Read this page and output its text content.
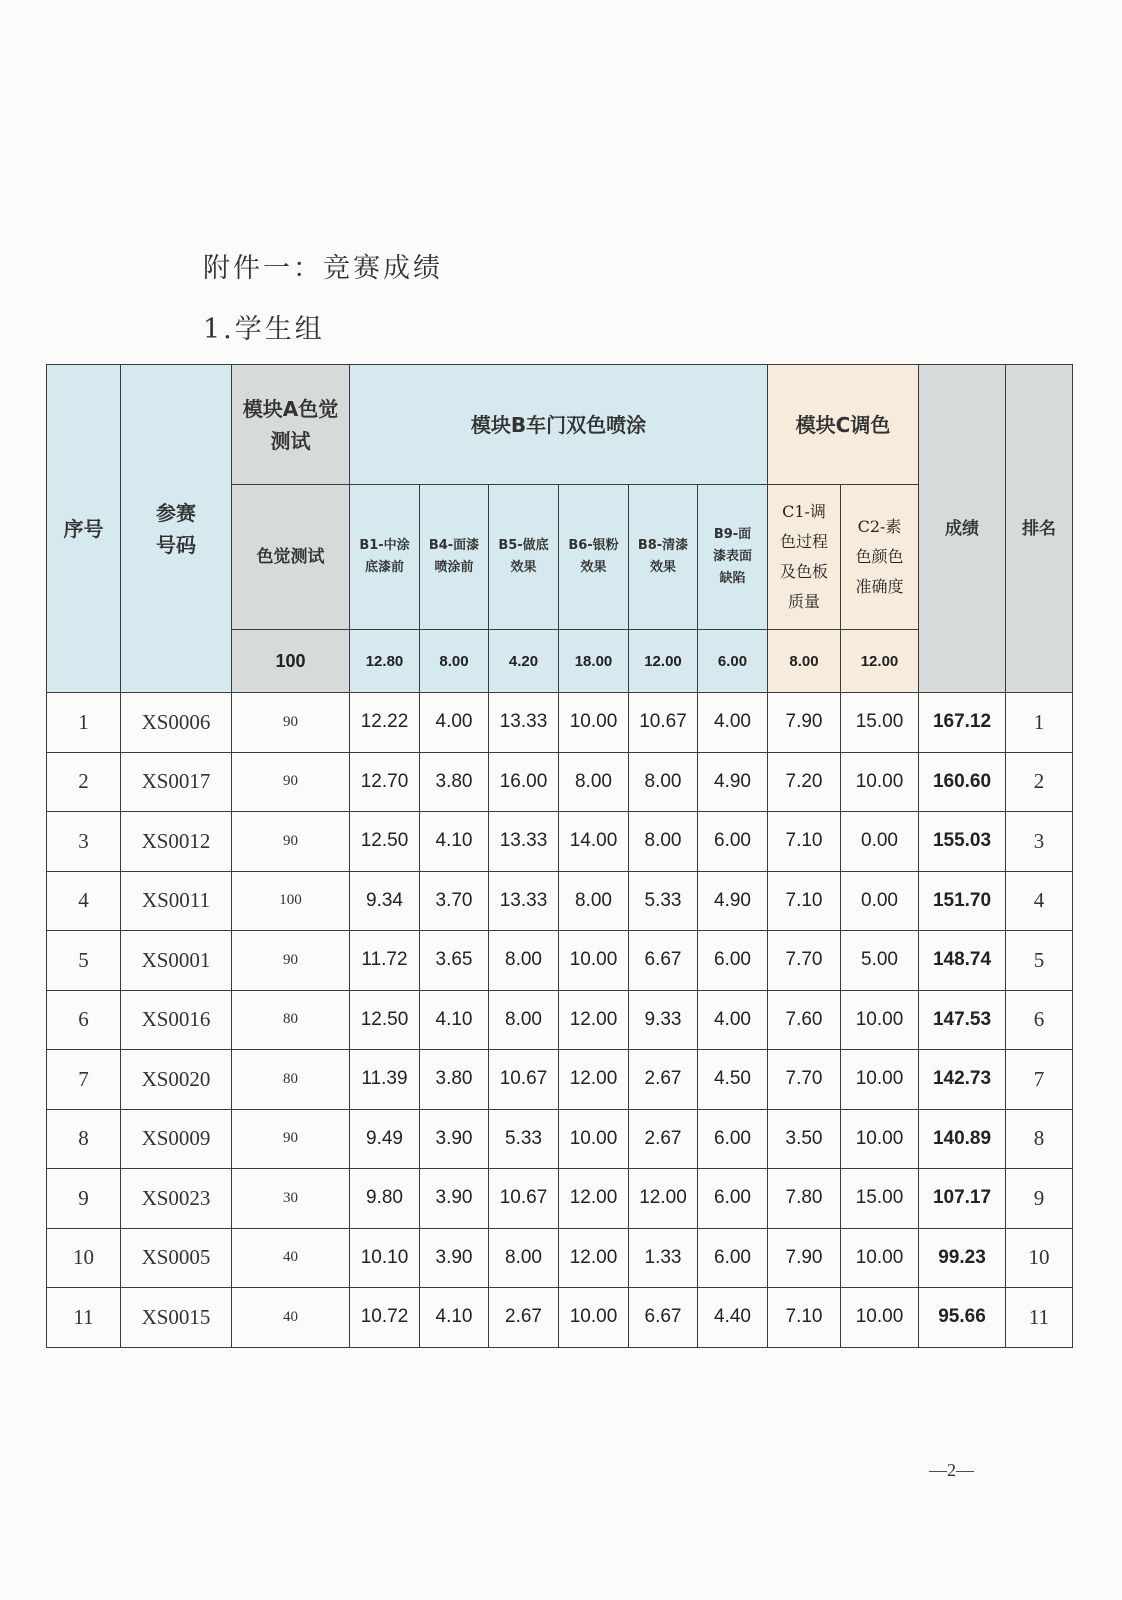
附件一：竞赛成绩
1.学生组
序号	参赛号码	模块A色觉测试	模块B车门双色喷涂						模块C调色		成绩	排名
		色觉测试	B1-中涂底漆前	B4-面漆喷涂前	B5-做底效果	B6-银粉效果	B8-清漆效果	B9-面漆表面缺陷	C1-调色过程及色板质量	C2-素色颜色准确度		
		100	12.80	8.00	4.20	18.00	12.00	6.00	8.00	12.00		
1	XS0006	90	12.22	4.00	13.33	10.00	10.67	4.00	7.90	15.00	167.12	1
2	XS0017	90	12.70	3.80	16.00	8.00	8.00	4.90	7.20	10.00	160.60	2
3	XS0012	90	12.50	4.10	13.33	14.00	8.00	6.00	7.10	0.00	155.03	3
4	XS0011	100	9.34	3.70	13.33	8.00	5.33	4.90	7.10	0.00	151.70	4
5	XS0001	90	11.72	3.65	8.00	10.00	6.67	6.00	7.70	5.00	148.74	5
6	XS0016	80	12.50	4.10	8.00	12.00	9.33	4.00	7.60	10.00	147.53	6
7	XS0020	80	11.39	3.80	10.67	12.00	2.67	4.50	7.70	10.00	142.73	7
8	XS0009	90	9.49	3.90	5.33	10.00	2.67	6.00	3.50	10.00	140.89	8
9	XS0023	30	9.80	3.90	10.67	12.00	12.00	6.00	7.80	15.00	107.17	9
10	XS0005	40	10.10	3.90	8.00	12.00	1.33	6.00	7.90	10.00	99.23	10
11	XS0015	40	10.72	4.10	2.67	10.00	6.67	4.40	7.10	10.00	95.66	11
—2—
